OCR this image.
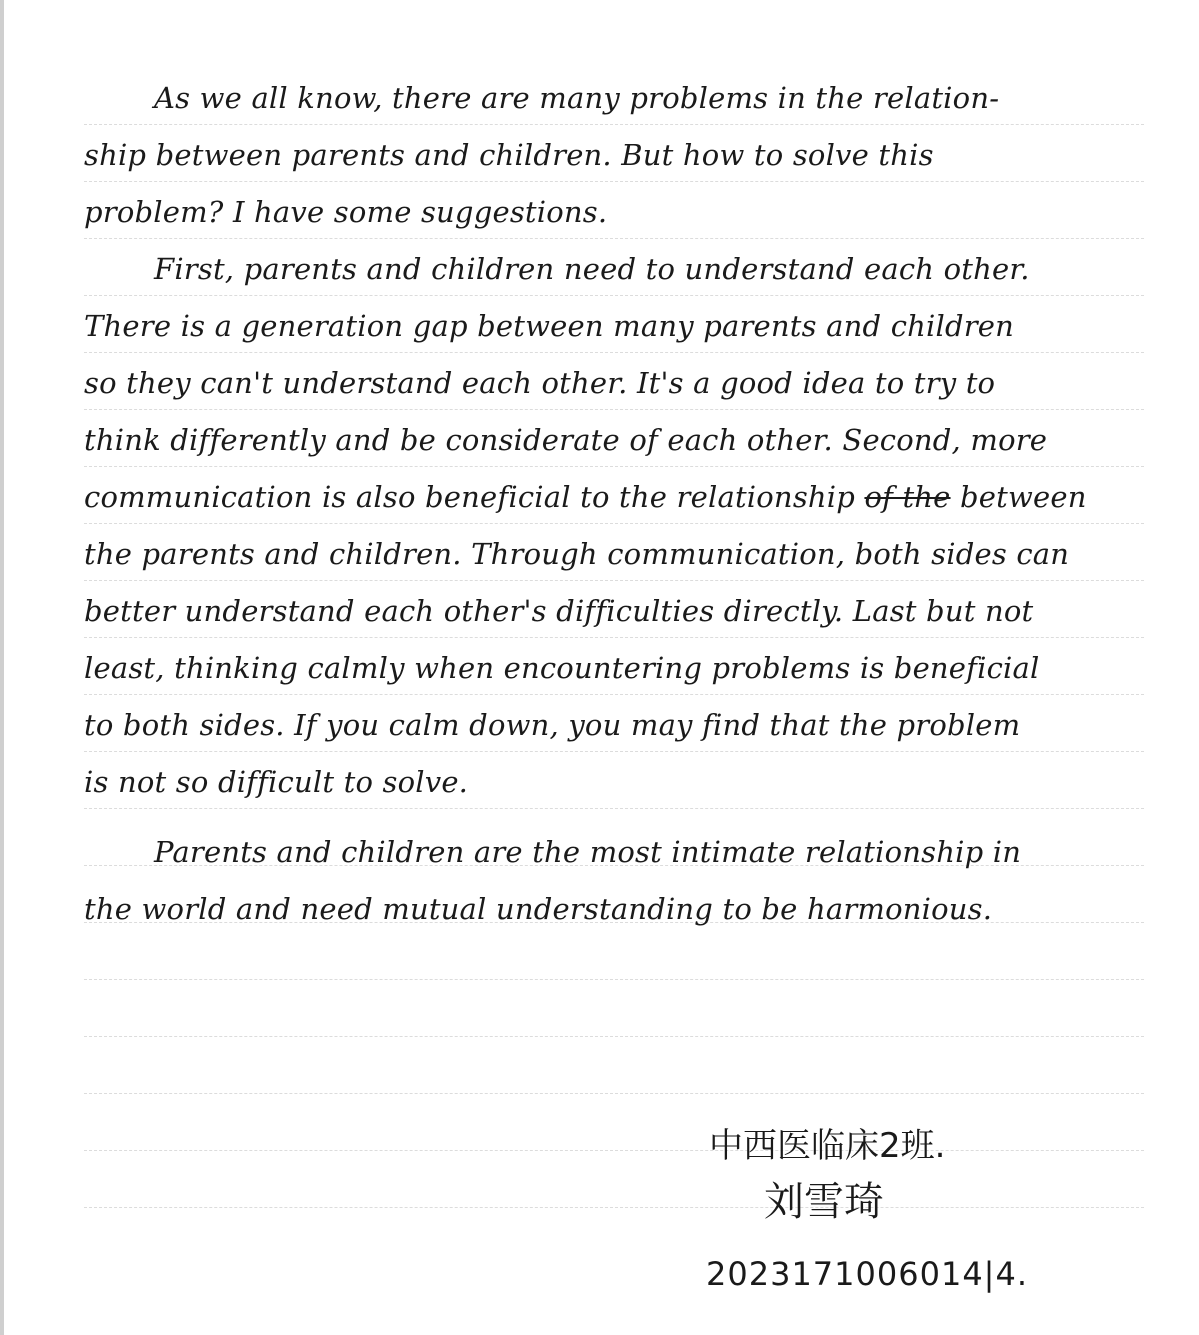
As we all know, there are many problems in the relation-
ship between parents and children. But how to solve this
problem? I have some suggestions.
First, parents and children need to understand each other.
There is a generation gap between many parents and children
so they can't understand each other. It's a good idea to try to
think differently and be considerate of each other. Second, more
communication is also beneficial to the relationship of the between
the parents and children. Through communication, both sides can
better understand each other's difficulties directly. Last but not
least, thinking calmly when encountering problems is beneficial
to both sides. If you calm down, you may find that the problem
is not so difficult to solve.
Parents and children are the most intimate relationship in
the world and need mutual understanding to be harmonious.
中西医临床2班.
刘雪琦
2023171006014|4.
